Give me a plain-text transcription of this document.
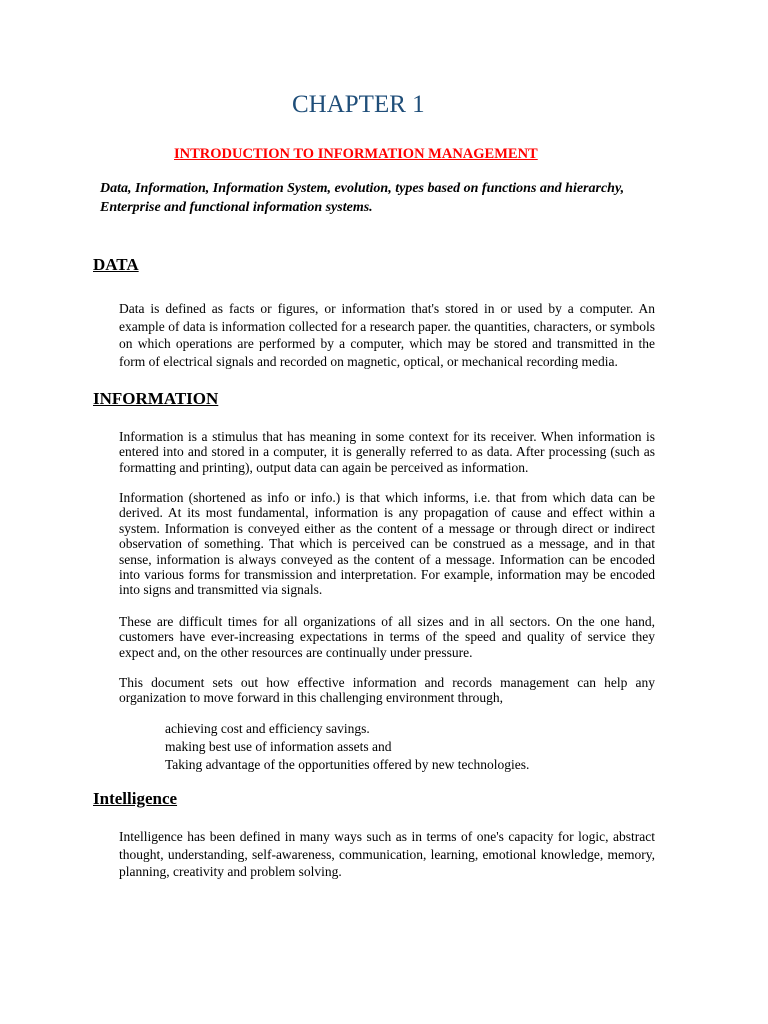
CHAPTER 1

INTRODUCTION TO INFORMATION MANAGEMENT

Data, Information, Information System, evolution, types based on functions and hierarchy, Enterprise and functional information systems.

DATA

Data is defined as facts or figures, or information that's stored in or used by a computer. An example of data is information collected for a research paper. the quantities, characters, or symbols on which operations are performed by a computer, which may be stored and transmitted in the form of electrical signals and recorded on magnetic, optical, or mechanical recording media.

INFORMATION

Information is a stimulus that has meaning in some context for its receiver. When information is entered into and stored in a computer, it is generally referred to as data. After processing (such as formatting and printing), output data can again be perceived as information.

Information (shortened as info or info.) is that which informs, i.e. that from which data can be derived. At its most fundamental, information is any propagation of cause and effect within a system. Information is conveyed either as the content of a message or through direct or indirect observation of something. That which is perceived can be construed as a message, and in that sense, information is always conveyed as the content of a message. Information can be encoded into various forms for transmission and interpretation. For example, information may be encoded into signs and transmitted via signals.

These are difficult times for all organizations of all sizes and in all sectors. On the one hand, customers have ever-increasing expectations in terms of the speed and quality of service they expect and, on the other resources are continually under pressure.

This document sets out how effective information and records management can help any organization to move forward in this challenging environment through,

achieving cost and efficiency savings.
making best use of information assets and
Taking advantage of the opportunities offered by new technologies.
Intelligence

Intelligence has been defined in many ways such as in terms of one's capacity for logic, abstract thought, understanding, self-awareness, communication, learning, emotional knowledge, memory, planning, creativity and problem solving.
